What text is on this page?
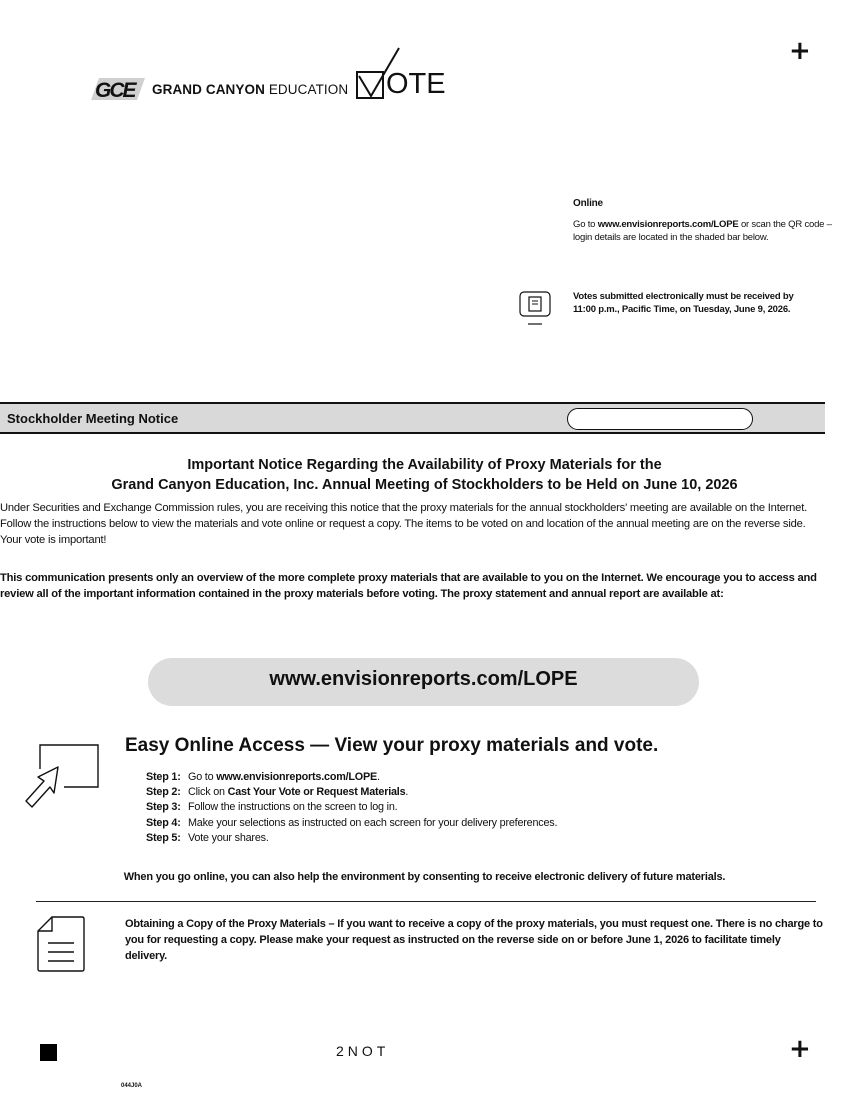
+
GCE GRAND CANYON EDUCATION OTE
Online
Go to www.envisionreports.com/LOPE or scan the QR code – login details are located in the shaded bar below.
Votes submitted electronically must be received by 11:00 p.m., Pacific Time, on Tuesday, June 9, 2026.
Stockholder Meeting Notice
Important Notice Regarding the Availability of Proxy Materials for the
Grand Canyon Education, Inc. Annual Meeting of Stockholders to be Held on June 10, 2026
Under Securities and Exchange Commission rules, you are receiving this notice that the proxy materials for the annual stockholders' meeting are available on the Internet. Follow the instructions below to view the materials and vote online or request a copy. The items to be voted on and location of the annual meeting are on the reverse side. Your vote is important!
This communication presents only an overview of the more complete proxy materials that are available to you on the Internet. We encourage you to access and review all of the important information contained in the proxy materials before voting. The proxy statement and annual report are available at:
www.envisionreports.com/LOPE
Easy Online Access — View your proxy materials and vote.
Step 1: Go to www.envisionreports.com/LOPE.
Step 2: Click on Cast Your Vote or Request Materials.
Step 3: Follow the instructions on the screen to log in.
Step 4: Make your selections as instructed on each screen for your delivery preferences.
Step 5: Vote your shares.
When you go online, you can also help the environment by consenting to receive electronic delivery of future materials.
Obtaining a Copy of the Proxy Materials – If you want to receive a copy of the proxy materials, you must request one. There is no charge to you for requesting a copy. Please make your request as instructed on the reverse side on or before June 1, 2026 to facilitate timely delivery.
2NOT	+
044J0A
